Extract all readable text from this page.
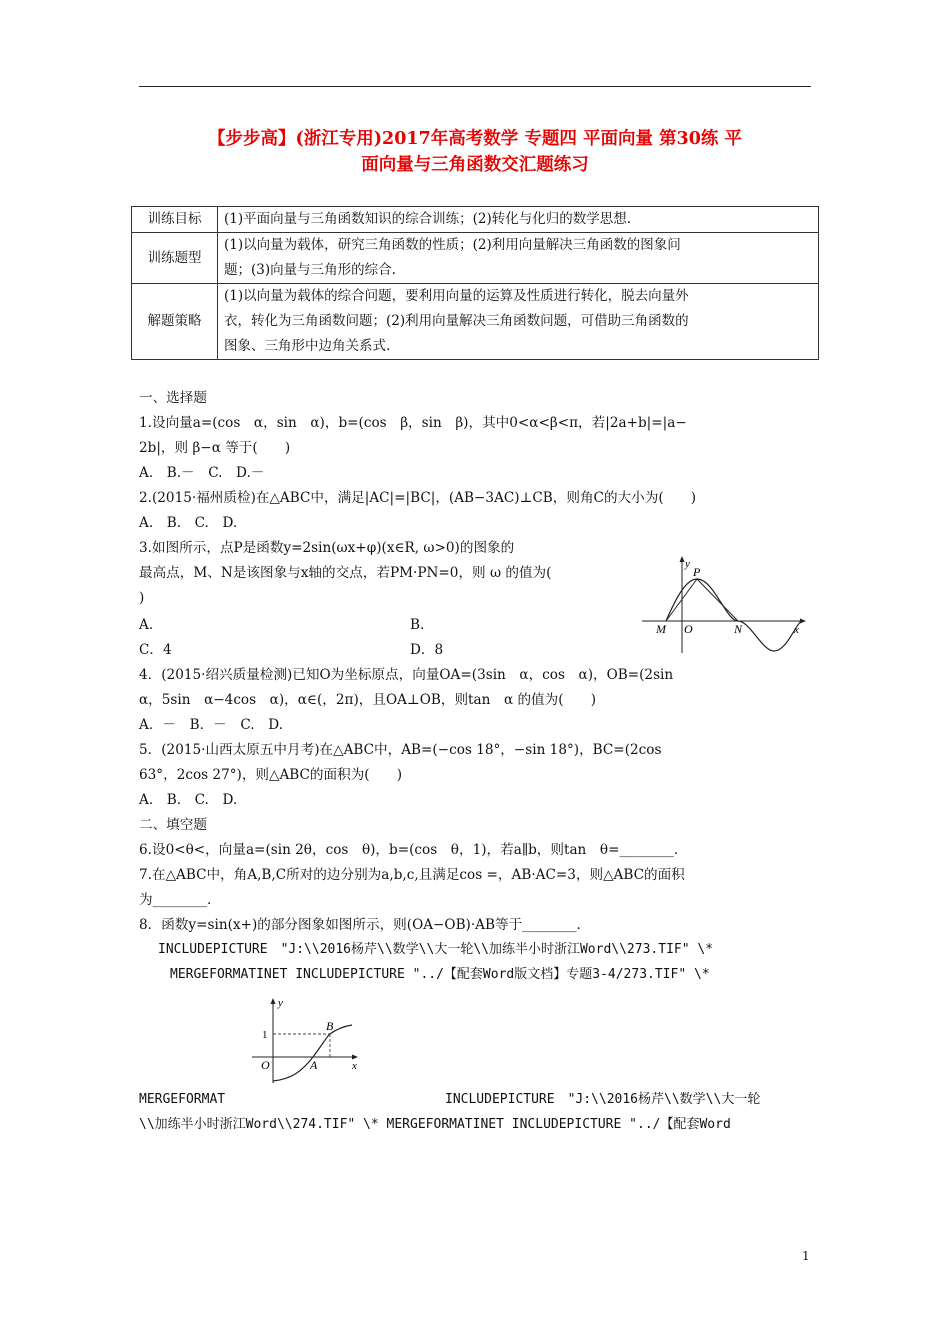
【步步高】(浙江专用)2017年高考数学 专题四 平面向量 第30练 平
面向量与三角函数交汇题练习
训练目标	(1)平面向量与三角函数知识的综合训练；(2)转化与化归的数学思想.

训练题型	(1)以向量为载体，研究三角函数的性质；(2)利用向量解决三角函数的图象问
题；(3)向量与三角形的综合.

解题策略	(1)以向量为载体的综合问题，要利用向量的运算及性质进行转化，脱去向量外
衣，转化为三角函数问题；(2)利用向量解决三角函数问题，可借助三角函数的
图象、三角形中边角关系式.
一、选择题
1.设向量a=(cos　α，sin　α)，b=(cos　β，sin　β)，其中0<α<β<π，若|2a+b|=|a−
2b|，则 β−α 等于(　　)
A.　B.－　C.　D.－
2.(2015·福州质检)在△ABC中，满足|AC|=|BC|，(AB−3AC)⊥CB，则角C的大小为(　　)
A.　B.　C.　D.
3.如图所示，点P是函数y=2sin(ωx+φ)(x∈R, ω>0)的图象的
最高点，M、N是该图象与x轴的交点，若PM·PN=0，则 ω 的值为(
)
A.	B.
C．4	D．8
4．(2015·绍兴质量检测)已知O为坐标原点，向量OA=(3sin　α，cos　α)，OB=(2sin
α，5sin　α−4cos　α)，α∈(，2π)，且OA⊥OB，则tan　α 的值为(　　)
A．－　B．－　C.　D.
5．(2015·山西太原五中月考)在△ABC中，AB=(−cos 18°，−sin 18°)，BC=(2cos
63°，2cos 27°)，则△ABC的面积为(　　)
A.　B.　C.　D.
二、填空题
6.设0<θ<，向量a=(sin 2θ，cos　θ)，b=(cos　θ，1)，若a∥b，则tan　θ=________.
7.在△ABC中，角A,B,C所对的边分别为a,b,c,且满足cos =，AB·AC=3，则△ABC的面积
为________.
8．函数y=sin(x+)的部分图象如图所示，则(OA−OB)·AB等于________.
INCLUDEPICTURE　"J:\\2016杨芹\\数学\\大一轮\\加练半小时浙江Word\\273.TIF" \*
MERGEFORMATINET INCLUDEPICTURE "../【配套Word版文档】专题3-4/273.TIF" \*
MERGEFORMAT	INCLUDEPICTURE　"J:\\2016杨芹\\数学\\大一轮
\\加练半小时浙江Word\\274.TIF" \* MERGEFORMATINET INCLUDEPICTURE "../【配套Word
y
P
M O	N	x
y
1
B
O	A	x
1
